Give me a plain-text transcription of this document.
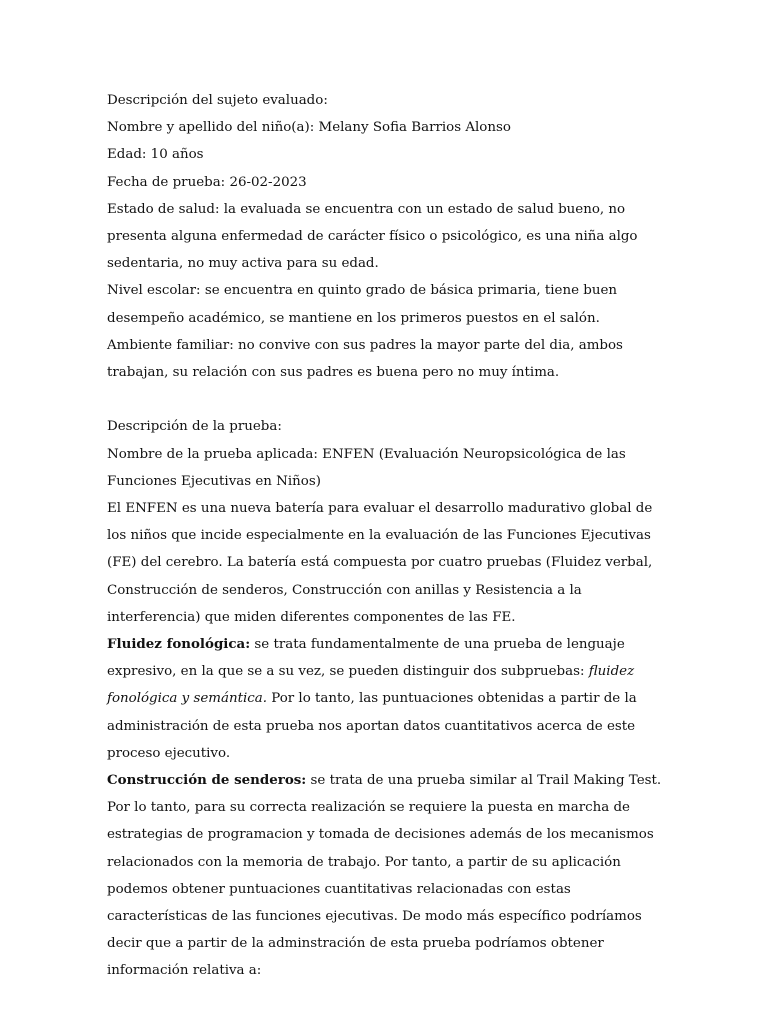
Descripción del sujeto evaluado:

Nombre y apellido del niño(a): Melany Sofia Barrios Alonso

Edad: 10 años

Fecha de prueba: 26-02-2023

Estado de salud: la evaluada se encuentra con un estado de salud bueno, no presenta alguna enfermedad de carácter físico o psicológico, es una niña algo sedentaria, no muy activa para su edad.

Nivel escolar: se encuentra en quinto grado de básica primaria, tiene buen desempeño académico, se mantiene en los primeros puestos en el salón.

Ambiente familiar: no convive con sus padres la mayor parte del dia, ambos trabajan, su relación con sus padres es buena pero no muy íntima.

Descripción de la prueba:

Nombre de la prueba aplicada: ENFEN (Evaluación Neuropsicológica de las Funciones Ejecutivas en Niños)

El ENFEN es una nueva batería para evaluar el desarrollo madurativo global de los niños que incide especialmente en la evaluación de las Funciones Ejecutivas (FE) del cerebro. La batería está compuesta por cuatro pruebas (Fluidez verbal, Construcción de senderos, Construcción con anillas y Resistencia a la interferencia) que miden diferentes componentes de las FE.

Fluidez fonológica: se trata fundamentalmente de una prueba de lenguaje expresivo, en la que se a su vez, se pueden distinguir dos subpruebas: fluidez fonológica y semántica. Por lo tanto, las puntuaciones obtenidas a partir de la administración de esta prueba nos aportan datos cuantitativos acerca de este proceso ejecutivo.

Construcción de senderos: se trata de una prueba similar al Trail Making Test. Por lo tanto, para su correcta realización se requiere la puesta en marcha de estrategias de programacion y tomada de decisiones además de los mecanismos relacionados con la memoria de trabajo. Por tanto, a partir de su aplicación podemos obtener puntuaciones cuantitativas relacionadas con estas características de las funciones ejecutivas. De modo más específico podríamos decir que a partir de la adminstración de esta prueba podríamos obtener información relativa a:
